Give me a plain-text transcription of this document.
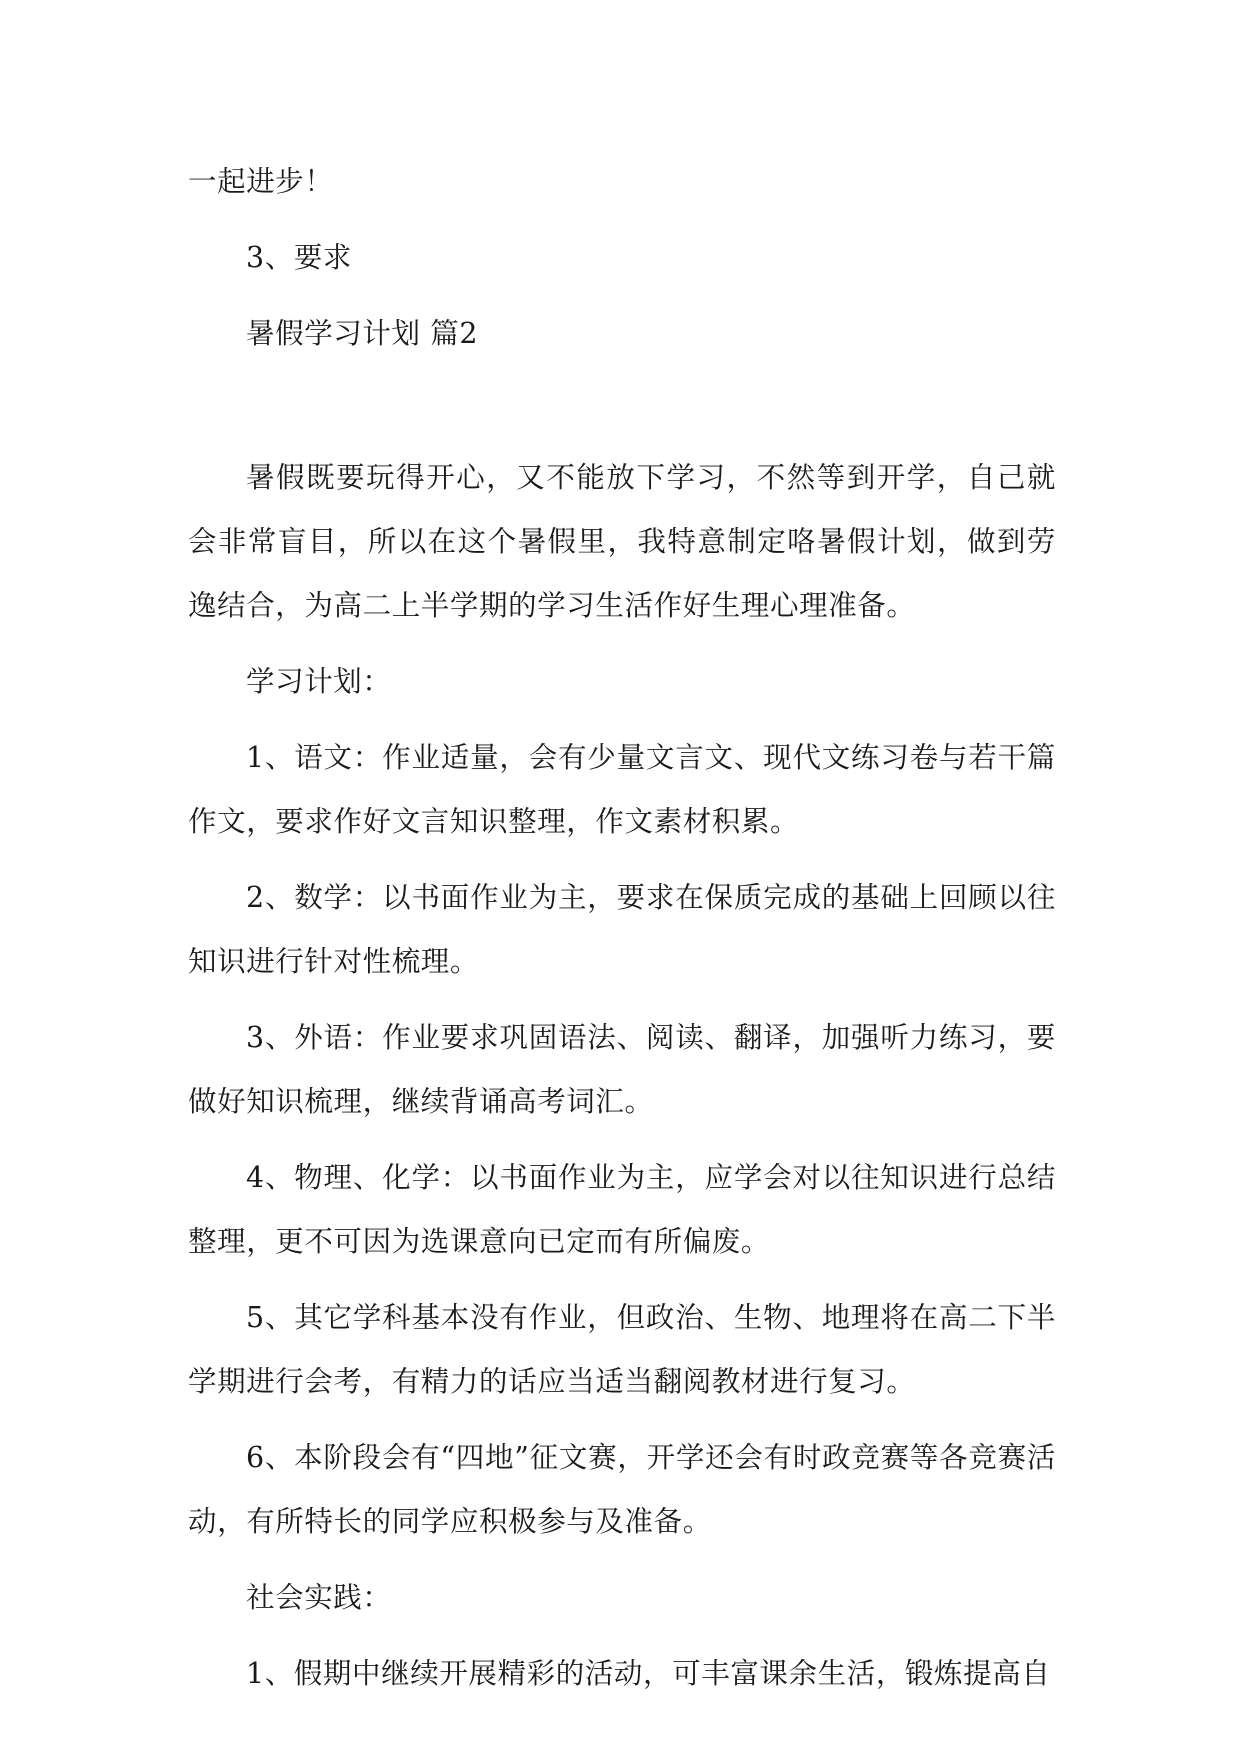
一起进步！

3、要求

暑假学习计划 篇2

暑假既要玩得开心，又不能放下学习，不然等到开学，自己就会非常盲目，所以在这个暑假里，我特意制定咯暑假计划，做到劳逸结合，为高二上半学期的学习生活作好生理心理准备。

学习计划：

1、语文：作业适量，会有少量文言文、现代文练习卷与若干篇作文，要求作好文言知识整理，作文素材积累。

2、数学：以书面作业为主，要求在保质完成的基础上回顾以往知识进行针对性梳理。

3、外语：作业要求巩固语法、阅读、翻译，加强听力练习，要做好知识梳理，继续背诵高考词汇。

4、物理、化学：以书面作业为主，应学会对以往知识进行总结整理，更不可因为选课意向已定而有所偏废。

5、其它学科基本没有作业，但政治、生物、地理将在高二下半学期进行会考，有精力的话应当适当翻阅教材进行复习。

6、本阶段会有“四地”征文赛，开学还会有时政竞赛等各竞赛活动，有所特长的同学应积极参与及准备。

社会实践：

1、假期中继续开展精彩的活动，可丰富课余生活，锻炼提高自
